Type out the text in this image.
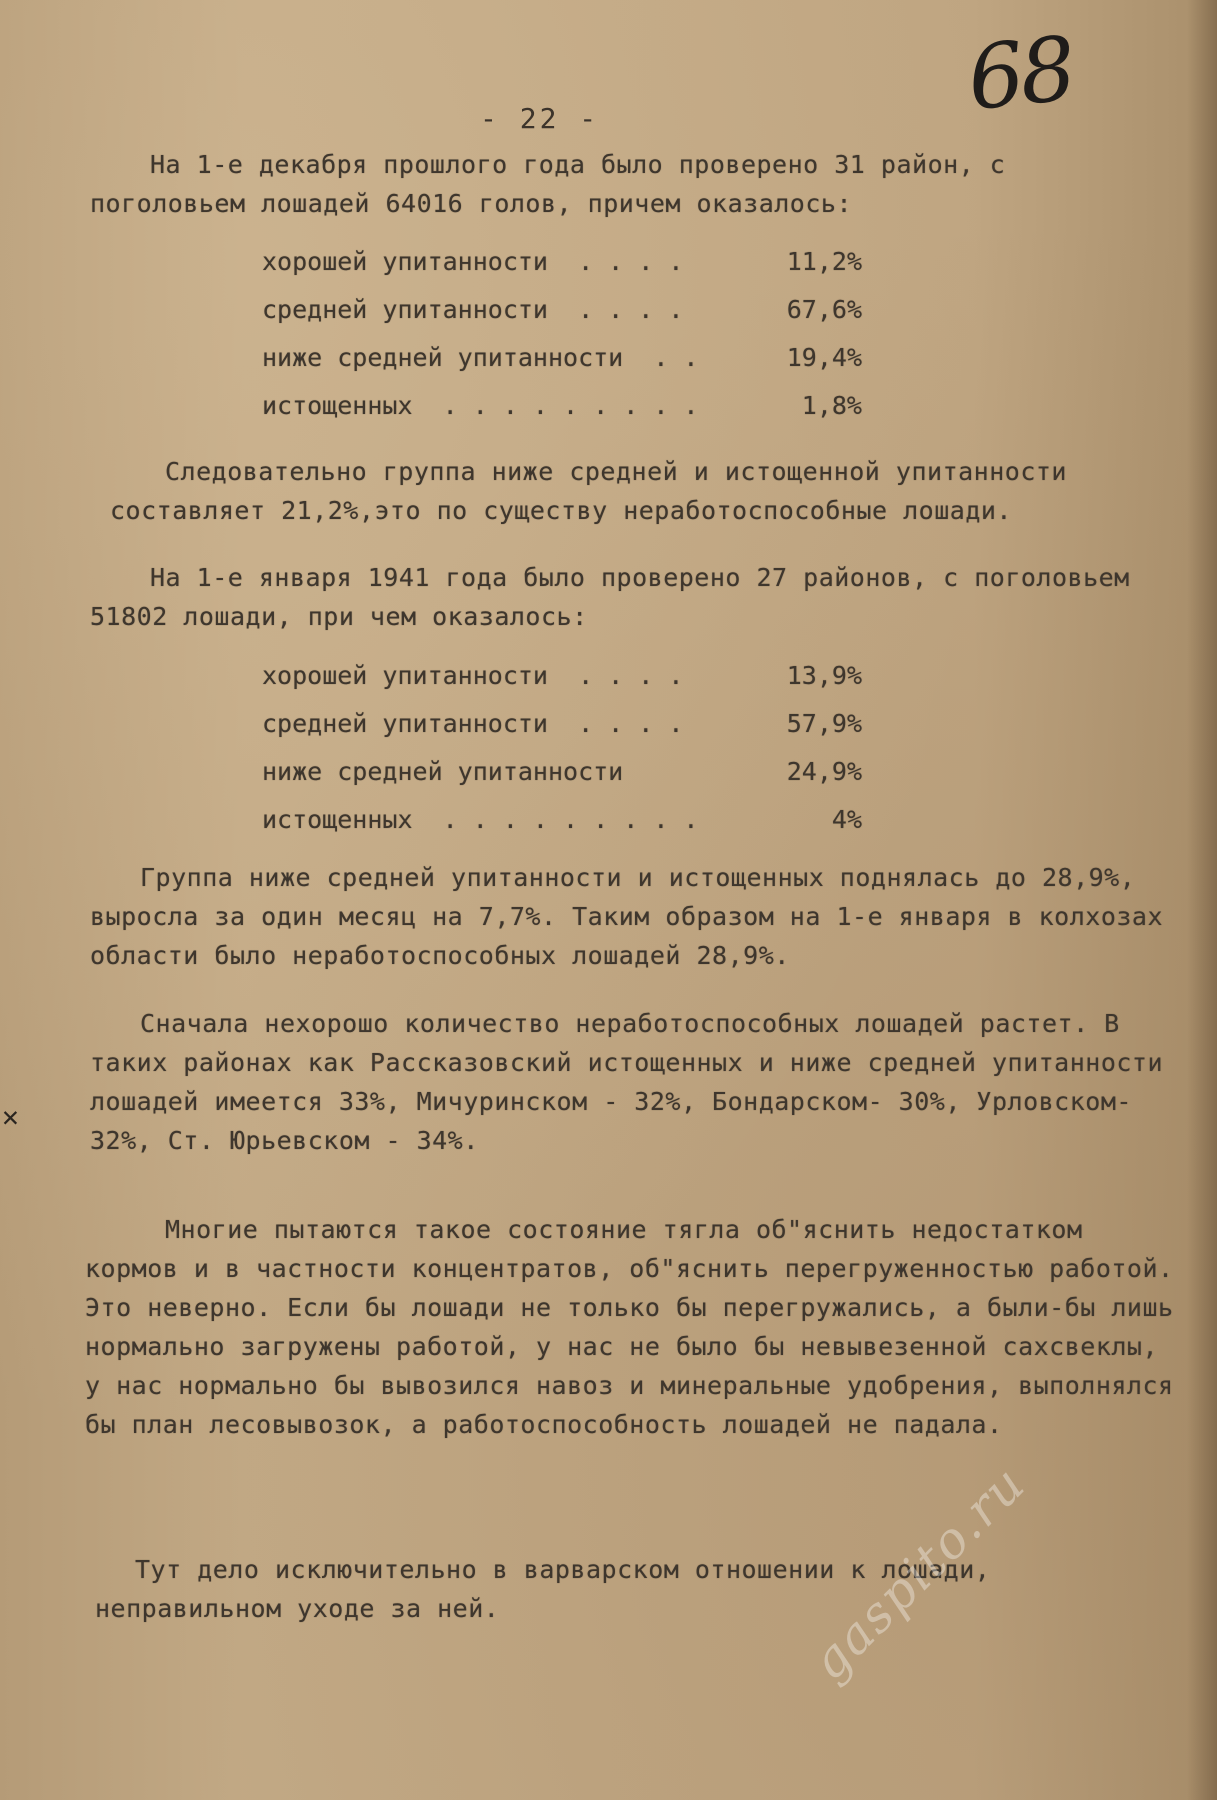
68
- 22 -

На 1-е декабря прошлого года было проверено 31 район, с поголовьем лошадей 64016 голов, причем оказалось:

хорошей упитанности  . . . .	11,2%
средней упитанности  . . . .	67,6%
ниже средней упитанности  . .	19,4%
истощенных  . . . . . . . . .	1,8%

Следовательно группа ниже средней и истощенной упитанности составляет 21,2%,это по существу неработоспособные лошади.

На 1-е января 1941 года было проверено 27 районов, с поголовьем 51802 лошади, при чем оказалось:

хорошей упитанности  . . . .	13,9%
средней упитанности  . . . .	57,9%
ниже средней упитанности	24,9%
истощенных  . . . . . . . . .	4%

Группа ниже средней упитанности и истощенных поднялась до 28,9%, выросла за один месяц на 7,7%. Таким образом на 1-е января в колхозах области было неработоспособных лошадей 28,9%.

Сначала нехорошо количество неработоспособных лошадей растет. В таких районах как Рассказовский истощенных и ниже средней упитанности лошадей имеется 33%, Мичуринском - 32%, Бондарском- 30%, Урловском- 32%, Ст. Юрьевском - 34%.

Многие пытаются такое состояние тягла об"яснить недостатком кормов и в частности концентратов, об"яснить перегруженностью работой. Это неверно. Если бы лошади не только бы перегружались, а были-бы лишь нормально загружены работой, у нас не было бы невывезенной сахсвеклы, у нас нормально бы вывозился навоз и минеральные удобрения, выполнялся бы план лесовывозок, а работоспособность лошадей не падала.

Тут дело исключительно в варварском отношении к лошади, неправильном уходе за ней.

✕
gaspito.ru
